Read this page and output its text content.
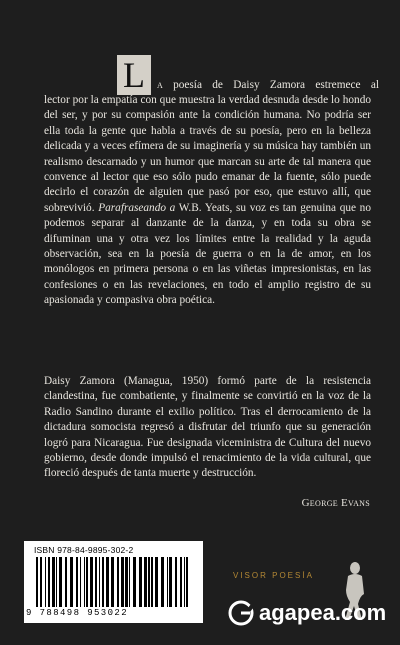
L a poesía de Daisy Zamora estremece al
lector por la empatía con que muestra la verdad desnuda desde lo hondo del ser, y por su compasión ante la condición humana. No podría ser ella toda la gente que habla a través de su poesía, pero en la belleza delicada y a veces efímera de su imaginería y su música hay también un realismo descarnado y un humor que marcan su arte de tal manera que convence al lector que eso sólo pudo emanar de la fuente, sólo puede decirlo el corazón de alguien que pasó por eso, que estuvo allí, que sobrevivió. Parafraseando a W.B. Yeats, su voz es tan genuina que no podemos separar al danzante de la danza, y en toda su obra se difuminan una y otra vez los límites entre la realidad y la aguda observación, sea en la poesía de guerra o en la de amor, en los monólogos en primera persona o en las viñetas impresionistas, en las confesiones o en las revelaciones, en todo el amplio registro de su apasionada y compasiva obra poética.
Daisy Zamora (Managua, 1950) formó parte de la resistencia clandestina, fue combatiente, y finalmente se convirtió en la voz de la Radio Sandino durante el exilio político. Tras el derrocamiento de la dictadura somocista regresó a disfrutar del triunfo que su generación logró para Nicaragua. Fue designada viceministra de Cultura del nuevo gobierno, desde donde impulsó el renacimiento de la vida cultural, que floreció después de tanta muerte y destrucción.
George Evans
ISBN 978-84-9895-302-2
9 788498 953022
VISOR POESÍA
agapea.com
